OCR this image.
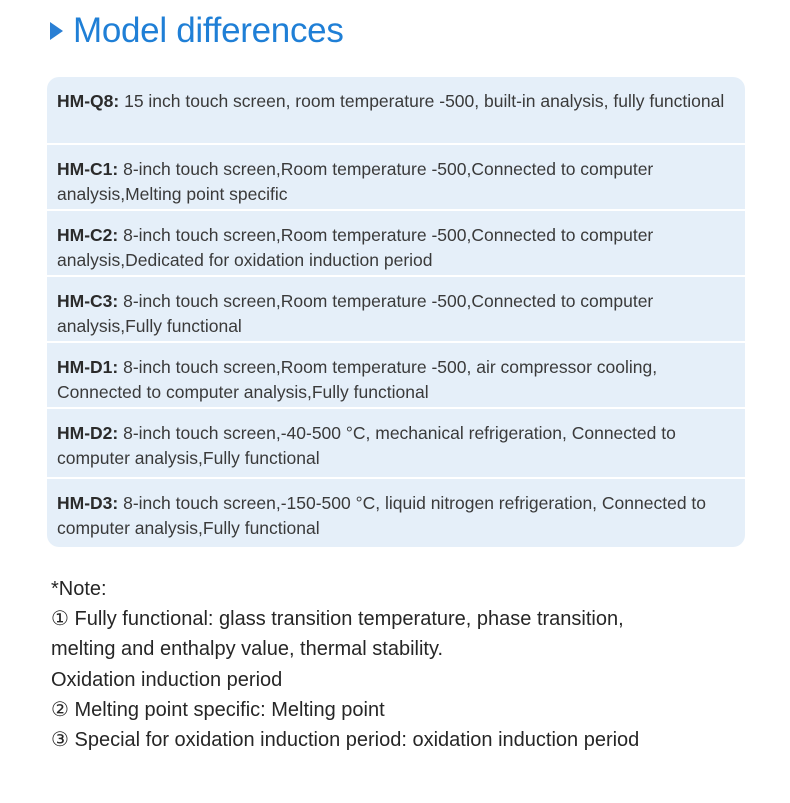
Model differences
HM-Q8: 15 inch touch screen, room temperature -500, built-in analysis, fully functional
HM-C1: 8-inch touch screen,Room temperature -500,Connected to computer analysis,Melting point specific
HM-C2: 8-inch touch screen,Room temperature -500,Connected to computer analysis,Dedicated for oxidation induction period
HM-C3: 8-inch touch screen,Room temperature -500,Connected to computer analysis,Fully functional
HM-D1: 8-inch touch screen,Room temperature -500, air compressor cooling, Connected to computer analysis,Fully functional
HM-D2: 8-inch touch screen,-40-500 °C, mechanical refrigeration, Connected to computer analysis,Fully functional
HM-D3: 8-inch touch screen,-150-500 °C, liquid nitrogen refrigeration, Connected to computer analysis,Fully functional
*Note:
① Fully functional: glass transition temperature, phase transition,
melting and enthalpy value, thermal stability.
Oxidation induction period
② Melting point specific: Melting point
③ Special for oxidation induction period: oxidation induction period
